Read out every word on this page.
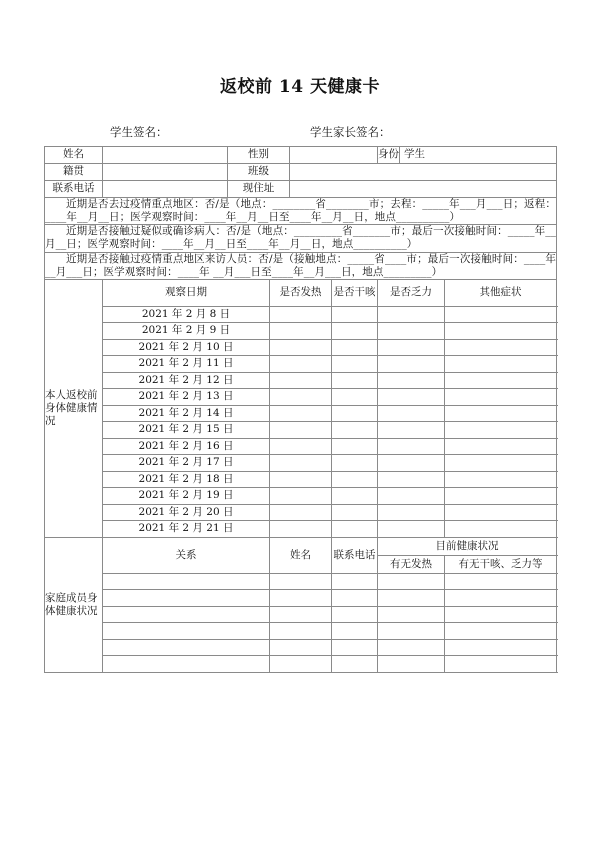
返校前 14 天健康卡
学生签名：	学生家长签名：
姓名		性别				身份	学生	
籍贯		班级						
联系电话		现住址						
近期是否去过疫情重点地区：否/是（地点：________省________市；去程：_____年___月___日；返程：____年__月__日；医学观察时间：____年__月__日至____年__月__日，地点__________）								
近期是否接触过疑似或确诊病人：否/是（地点：_________省_______市；最后一次接触时间：_____年__月__日；医学观察时间：____年__月__日至____年__月__日，地点__________）								
近期是否接触过疫情重点地区来访人员：否/是（接触地点：_____省____市；最后一次接触时间：____年__月___日；医学观察时间：____年 __月___日至____年__月___日，地点_________）								
本人返校前身体健康情况	观察日期		是否发热		是否干咳	是否乏力		其他症状
	2021 年 2 月 8 日							
	2021 年 2 月 9 日							
	2021 年 2 月 10 日							
	2021 年 2 月 11 日							
	2021 年 2 月 12 日							
	2021 年 2 月 13 日							
	2021 年 2 月 14 日							
	2021 年 2 月 15 日							
	2021 年 2 月 16 日							
	2021 年 2 月 17 日							
	2021 年 2 月 18 日							
	2021 年 2 月 19 日							
	2021 年 2 月 20 日							
	2021 年 2 月 21 日							
家庭成员身体健康状况	关系		姓名		联系电话	目前健康状况		
						有无发热		有无干咳、乏力等
